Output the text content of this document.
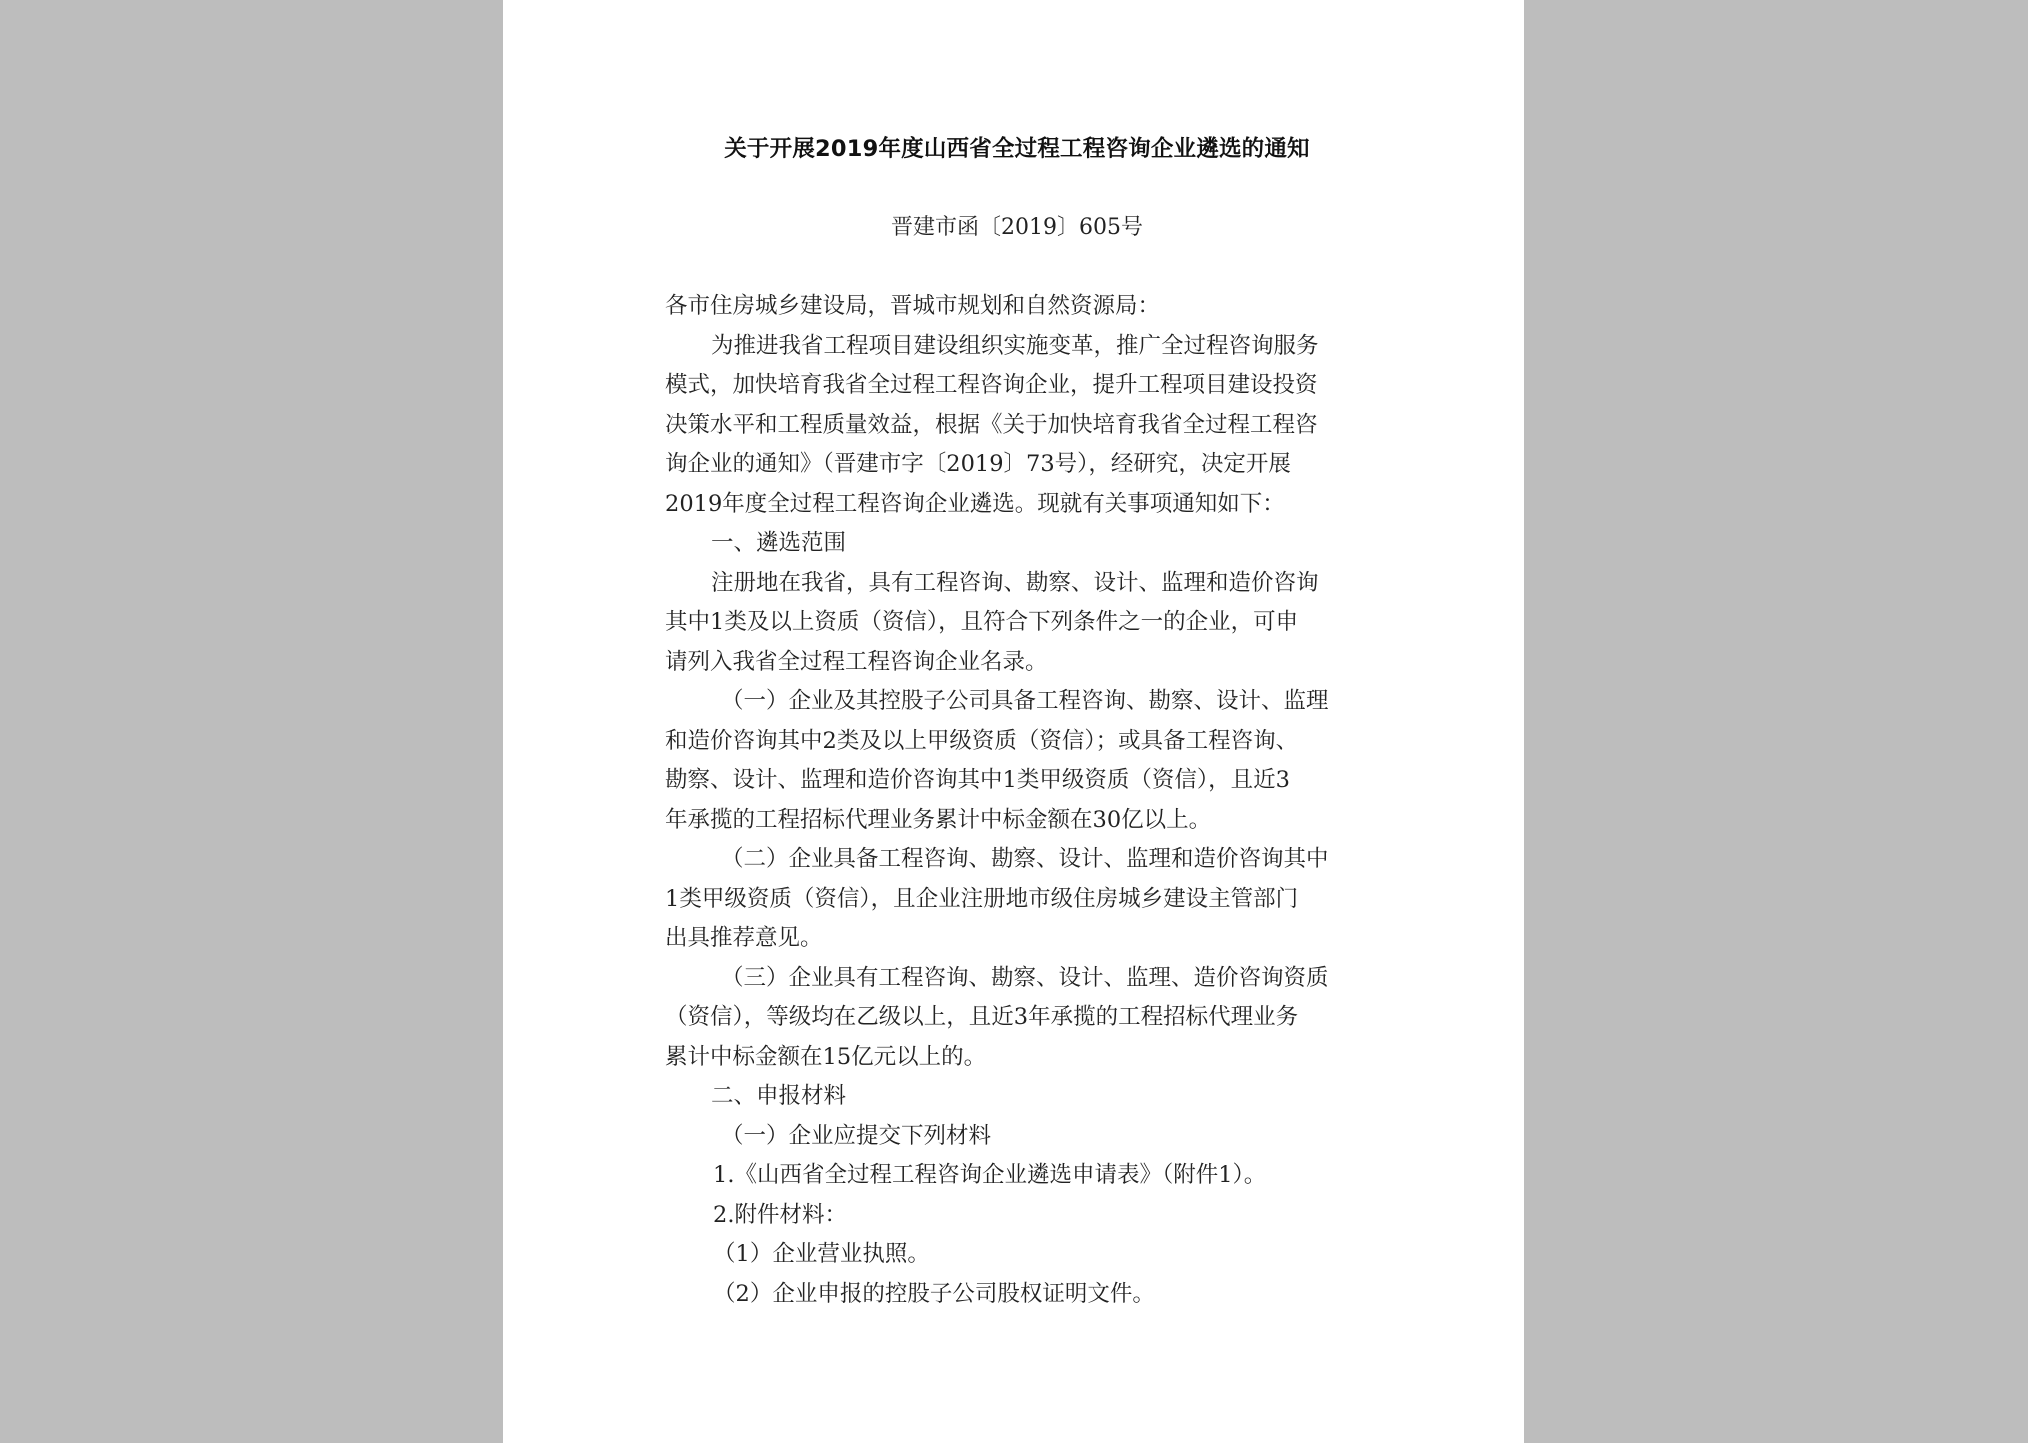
关于开展2019年度山西省全过程工程咨询企业遴选的通知
晋建市函〔2019〕605号
各市住房城乡建设局，晋城市规划和自然资源局：
为推进我省工程项目建设组织实施变革，推广全过程咨询服务
模式，加快培育我省全过程工程咨询企业，提升工程项目建设投资
决策水平和工程质量效益，根据《关于加快培育我省全过程工程咨
询企业的通知》（晋建市字〔2019〕73号），经研究，决定开展
2019年度全过程工程咨询企业遴选。现就有关事项通知如下：
一、遴选范围
注册地在我省，具有工程咨询、勘察、设计、监理和造价咨询
其中1类及以上资质（资信），且符合下列条件之一的企业，可申
请列入我省全过程工程咨询企业名录。
（一）企业及其控股子公司具备工程咨询、勘察、设计、监理
和造价咨询其中2类及以上甲级资质（资信）；或具备工程咨询、
勘察、设计、监理和造价咨询其中1类甲级资质（资信），且近3
年承揽的工程招标代理业务累计中标金额在30亿以上。
（二）企业具备工程咨询、勘察、设计、监理和造价咨询其中
1类甲级资质（资信），且企业注册地市级住房城乡建设主管部门
出具推荐意见。
（三）企业具有工程咨询、勘察、设计、监理、造价咨询资质
（资信），等级均在乙级以上，且近3年承揽的工程招标代理业务
累计中标金额在15亿元以上的。
二、申报材料
（一）企业应提交下列材料
1.《山西省全过程工程咨询企业遴选申请表》（附件1）。
2.附件材料：
（1）企业营业执照。
（2）企业申报的控股子公司股权证明文件。
